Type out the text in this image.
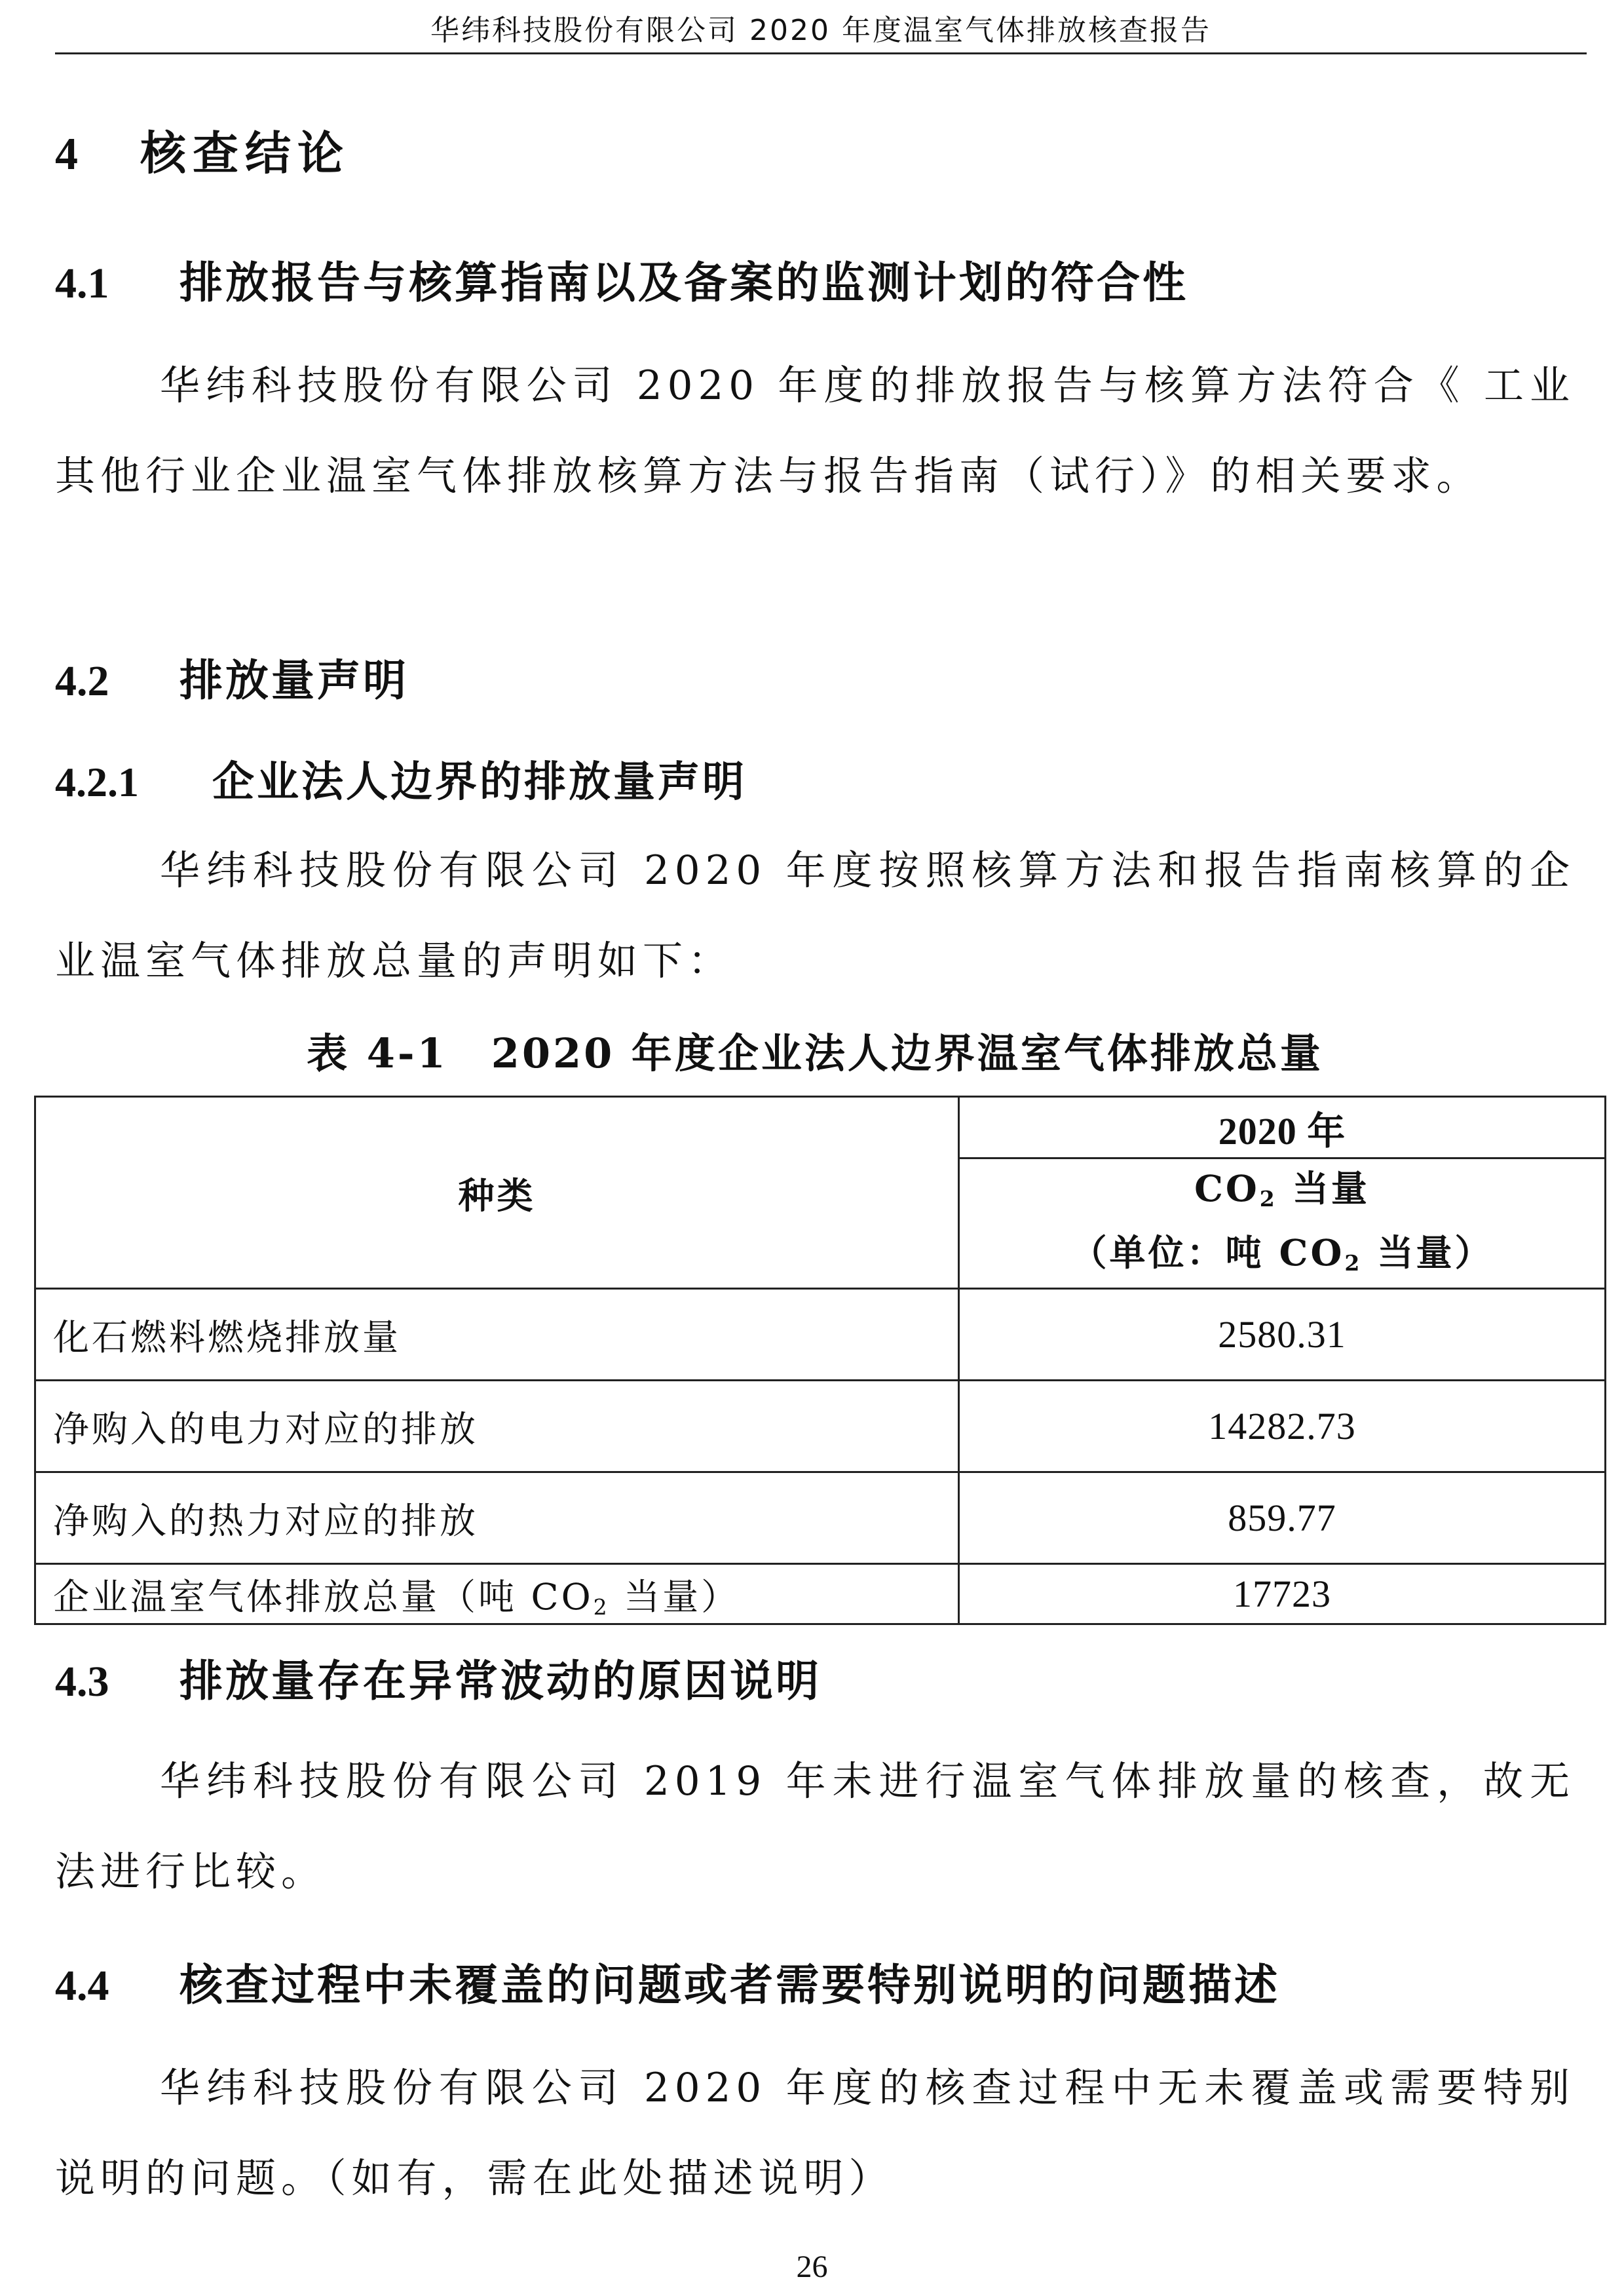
华纬科技股份有限公司 2020 年度温室气体排放核查报告
4 核查结论
4.1 排放报告与核算指南以及备案的监测计划的符合性
华纬科技股份有限公司 2020 年度的排放报告与核算方法符合《 工业其他行业企业温室气体排放核算方法与报告指南（试行）》的相关要求。
4.2 排放量声明
4.2.1 企业法人边界的排放量声明
华纬科技股份有限公司 2020 年度按照核算方法和报告指南核算的企业温室气体排放总量的声明如下：
表 4-1　2020 年度企业法人边界温室气体排放总量
种类	2020 年

	$CO_2$ 当量
（单位：吨 $CO_2$ 当量）

化石燃料燃烧排放量	2580.31
净购入的电力对应的排放	14282.73
净购入的热力对应的排放	859.77
企业温室气体排放总量（吨 $CO_2$ 当量）	17723
4.3 排放量存在异常波动的原因说明
华纬科技股份有限公司 2019 年未进行温室气体排放量的核查，故无法进行比较。
4.4 核查过程中未覆盖的问题或者需要特别说明的问题描述
华纬科技股份有限公司 2020 年度的核查过程中无未覆盖或需要特别说明的问题。（如有，需在此处描述说明）
26
